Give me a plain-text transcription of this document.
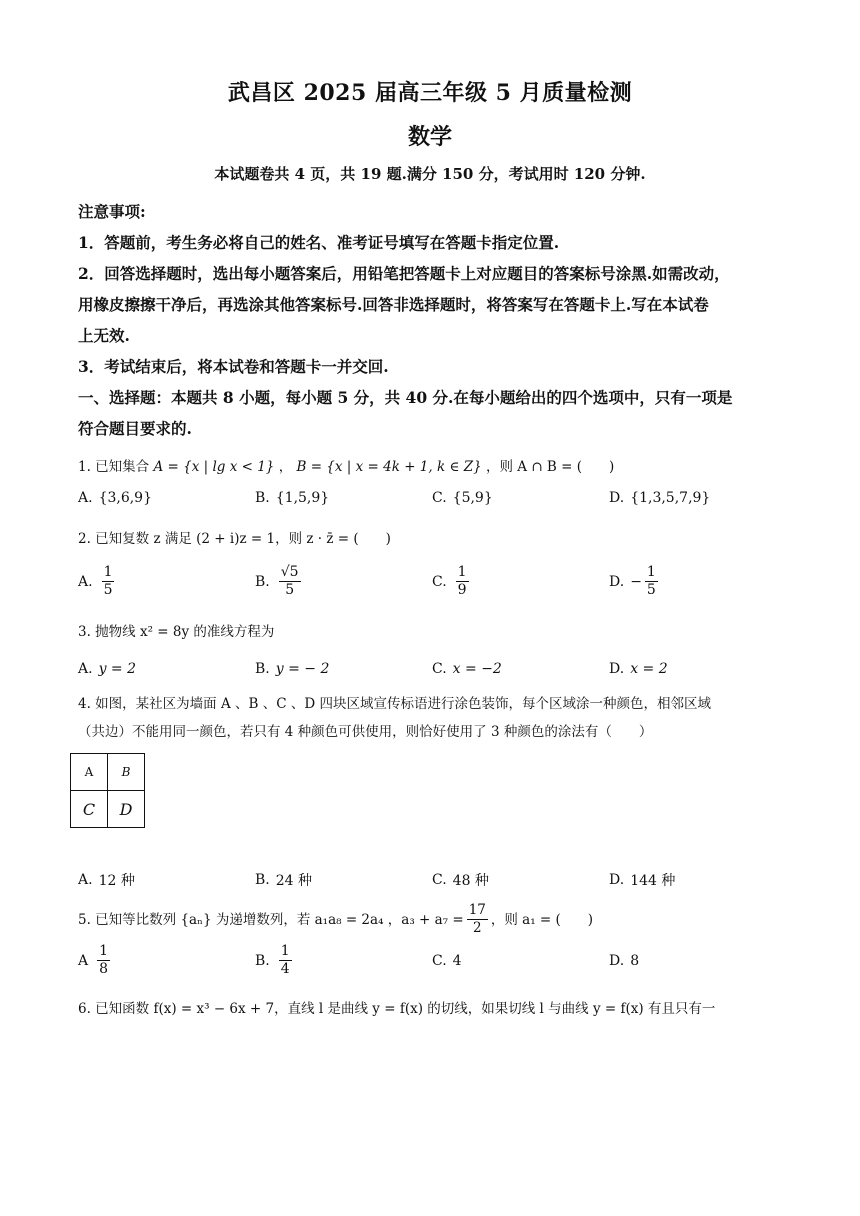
武昌区 2025 届高三年级 5 月质量检测
数学
本试题卷共 4 页，共 19 题.满分 150 分，考试用时 120 分钟.
注意事项:
1．答题前，考生务必将自己的姓名、准考证号填写在答题卡指定位置.
2．回答选择题时，选出每小题答案后，用铅笔把答题卡上对应题目的答案标号涂黑.如需改动，
用橡皮擦擦干净后，再选涂其他答案标号.回答非选择题时，将答案写在答题卡上.写在本试卷
上无效.
3．考试结束后，将本试卷和答题卡一并交回.
一、选择题：本题共 8 小题，每小题 5 分，共 40 分.在每小题给出的四个选项中，只有一项是
符合题目要求的.
1. 已知集合 A = {x | lg x < 1} ， B = {x | x = 4k + 1, k ∈ Z} ，则 A ∩ B = (　　)
A. {3,6,9}	B. {1,5,9}	C. {5,9}	D. {1,3,5,7,9}
2. 已知复数 z 满足 (2 + i)z = 1，则 z · z̄ = (　　)
A. $\frac{1}{5}$	B. $\frac{√5}{5}$	C. $\frac{1}{9}$	D. − $\frac{1}{5}$
3. 抛物线 x² = 8y 的准线方程为
A. y = 2	B. y = − 2	C. x = −2	D. x = 2
4. 如图，某社区为墙面 A 、B 、C 、D 四块区域宣传标语进行涂色装饰，每个区域涂一种颜色，相邻区域
（共边）不能用同一颜色，若只有 4 种颜色可供使用，则恰好使用了 3 种颜色的涂法有（　　）
A	B
C	D
A. 12 种	B. 24 种	C. 48 种	D. 144 种
5. 已知等比数列 {aₙ} 为递增数列，若 a₁a₈ = 2a₄ ，$a_3 + a_7 = \frac{17}{2}$ ，则 a₁ = (　　)
A $\frac{1}{8}$	B. $\frac{1}{4}$	C. 4	D. 8
6. 已知函数 f(x) = x³ − 6x + 7，直线 l 是曲线 y = f(x) 的切线，如果切线 l 与曲线 y = f(x) 有且只有一
